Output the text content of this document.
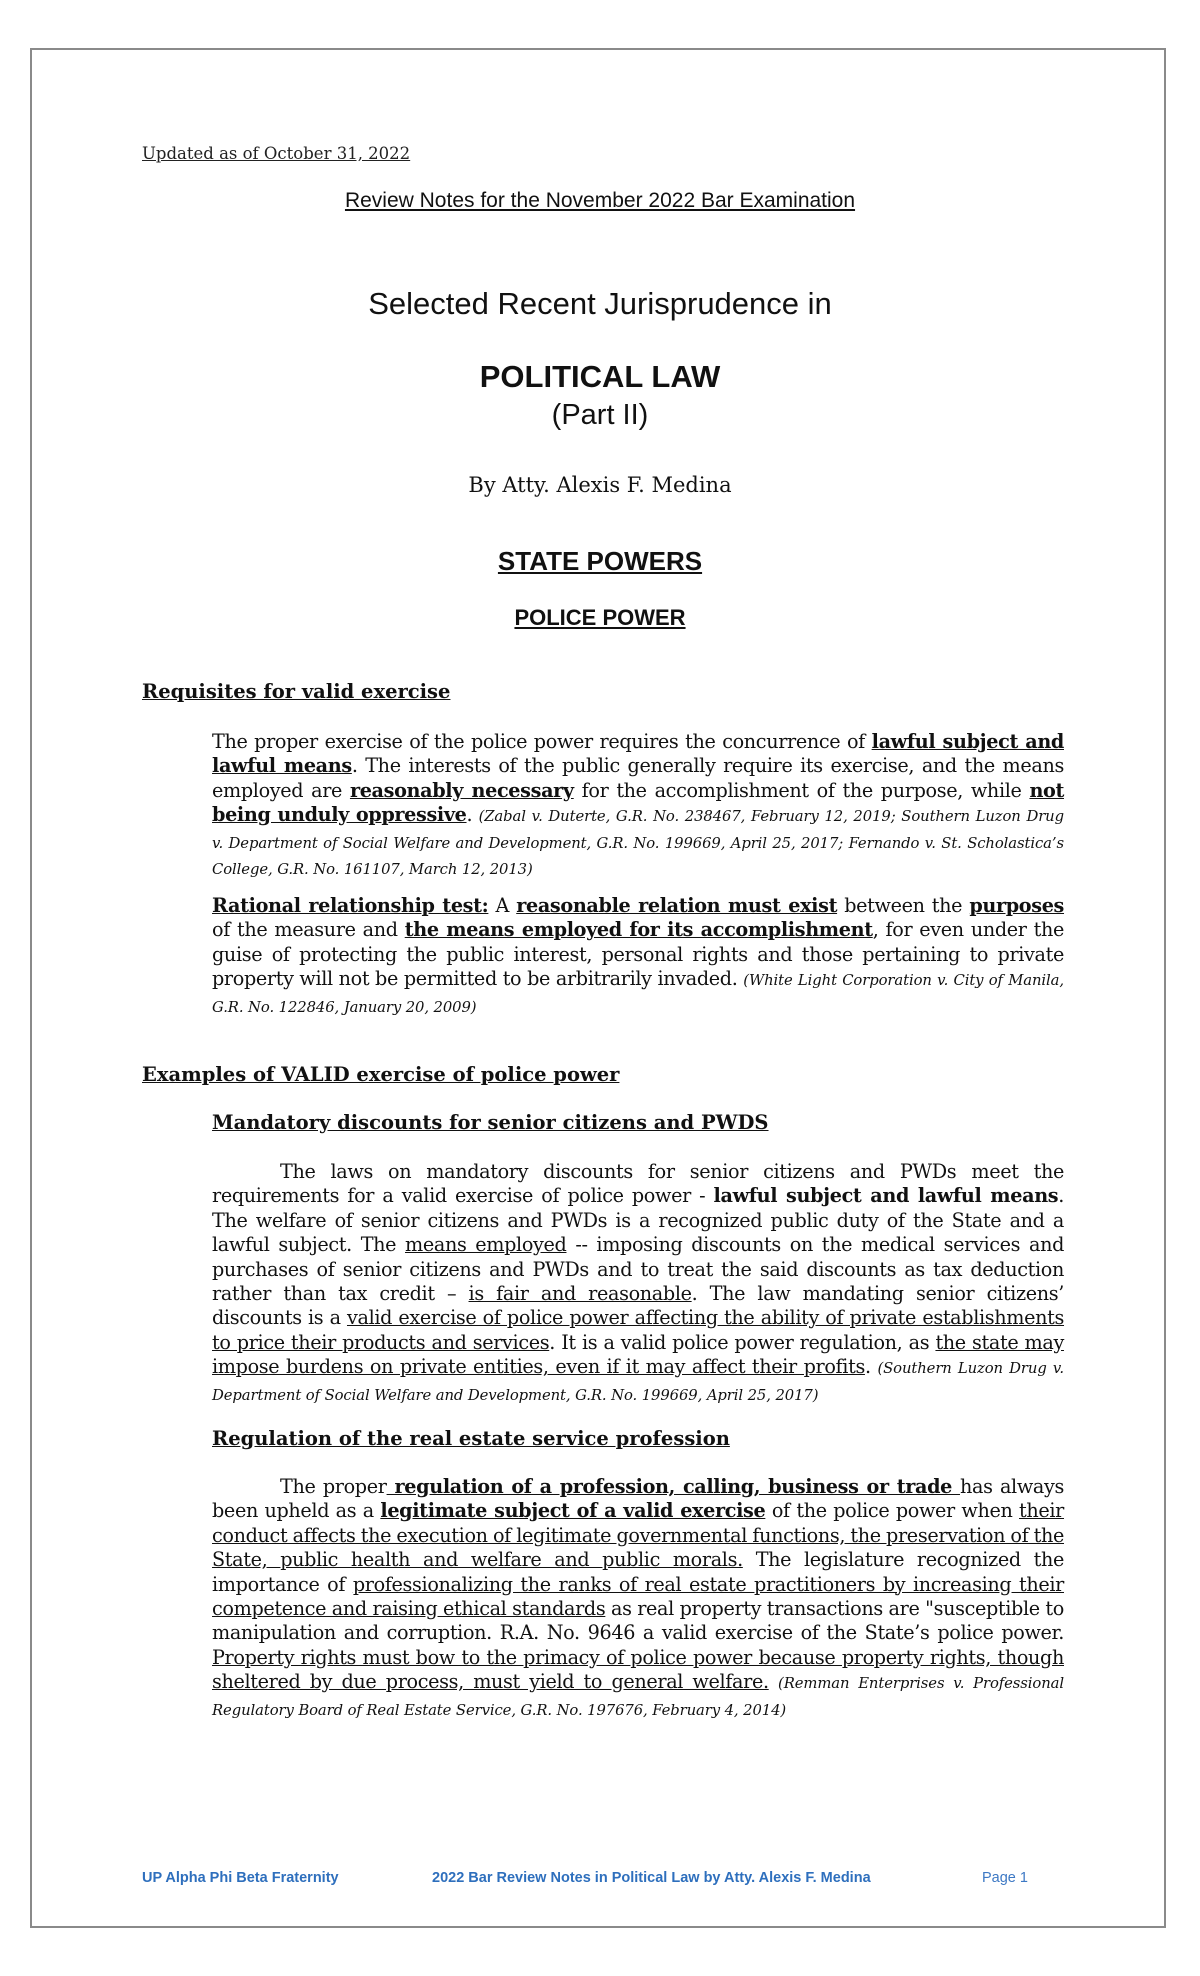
Updated as of October 31, 2022
Review Notes for the November 2022 Bar Examination
Selected Recent Jurisprudence in
POLITICAL LAW
(Part II)
By Atty. Alexis F. Medina
STATE POWERS
POLICE POWER
Requisites for valid exercise

The proper exercise of the police power requires the concurrence of lawful subject and lawful means. The interests of the public generally require its exercise, and the means employed are reasonably necessary for the accomplishment of the purpose, while not being unduly oppressive. (Zabal v. Duterte, G.R. No. 238467, February 12, 2019; Southern Luzon Drug v. Department of Social Welfare and Development, G.R. No. 199669, April 25, 2017; Fernando v. St. Scholastica’s College, G.R. No. 161107, March 12, 2013)

Rational relationship test: A reasonable relation must exist between the purposes of the measure and the means employed for its accomplishment, for even under the guise of protecting the public interest, personal rights and those pertaining to private property will not be permitted to be arbitrarily invaded. (White Light Corporation v. City of Manila, G.R. No. 122846, January 20, 2009)

Examples of VALID exercise of police power
Mandatory discounts for senior citizens and PWDS

The laws on mandatory discounts for senior citizens and PWDs meet the requirements for a valid exercise of police power - lawful subject and lawful means. The welfare of senior citizens and PWDs is a recognized public duty of the State and a lawful subject. The means employed -- imposing discounts on the medical services and purchases of senior citizens and PWDs and to treat the said discounts as tax deduction rather than tax credit – is fair and reasonable. The law mandating senior citizens’ discounts is a valid exercise of police power affecting the ability of private establishments to price their products and services. It is a valid police power regulation, as the state may impose burdens on private entities, even if it may affect their profits. (Southern Luzon Drug v. Department of Social Welfare and Development, G.R. No. 199669, April 25, 2017)

Regulation of the real estate service profession

The proper regulation of a profession, calling, business or trade has always been upheld as a legitimate subject of a valid exercise of the police power when their conduct affects the execution of legitimate governmental functions, the preservation of the State, public health and welfare and public morals. The legislature recognized the importance of professionalizing the ranks of real estate practitioners by increasing their competence and raising ethical standards as real property transactions are "susceptible to manipulation and corruption. R.A. No. 9646 a valid exercise of the State’s police power. Property rights must bow to the primacy of police power because property rights, though sheltered by due process, must yield to general welfare. (Remman Enterprises v. Professional Regulatory Board of Real Estate Service, G.R. No. 197676, February 4, 2014)

UP Alpha Phi Beta Fraternity	2022 Bar Review Notes in Political Law by Atty. Alexis F. Medina	Page 1
